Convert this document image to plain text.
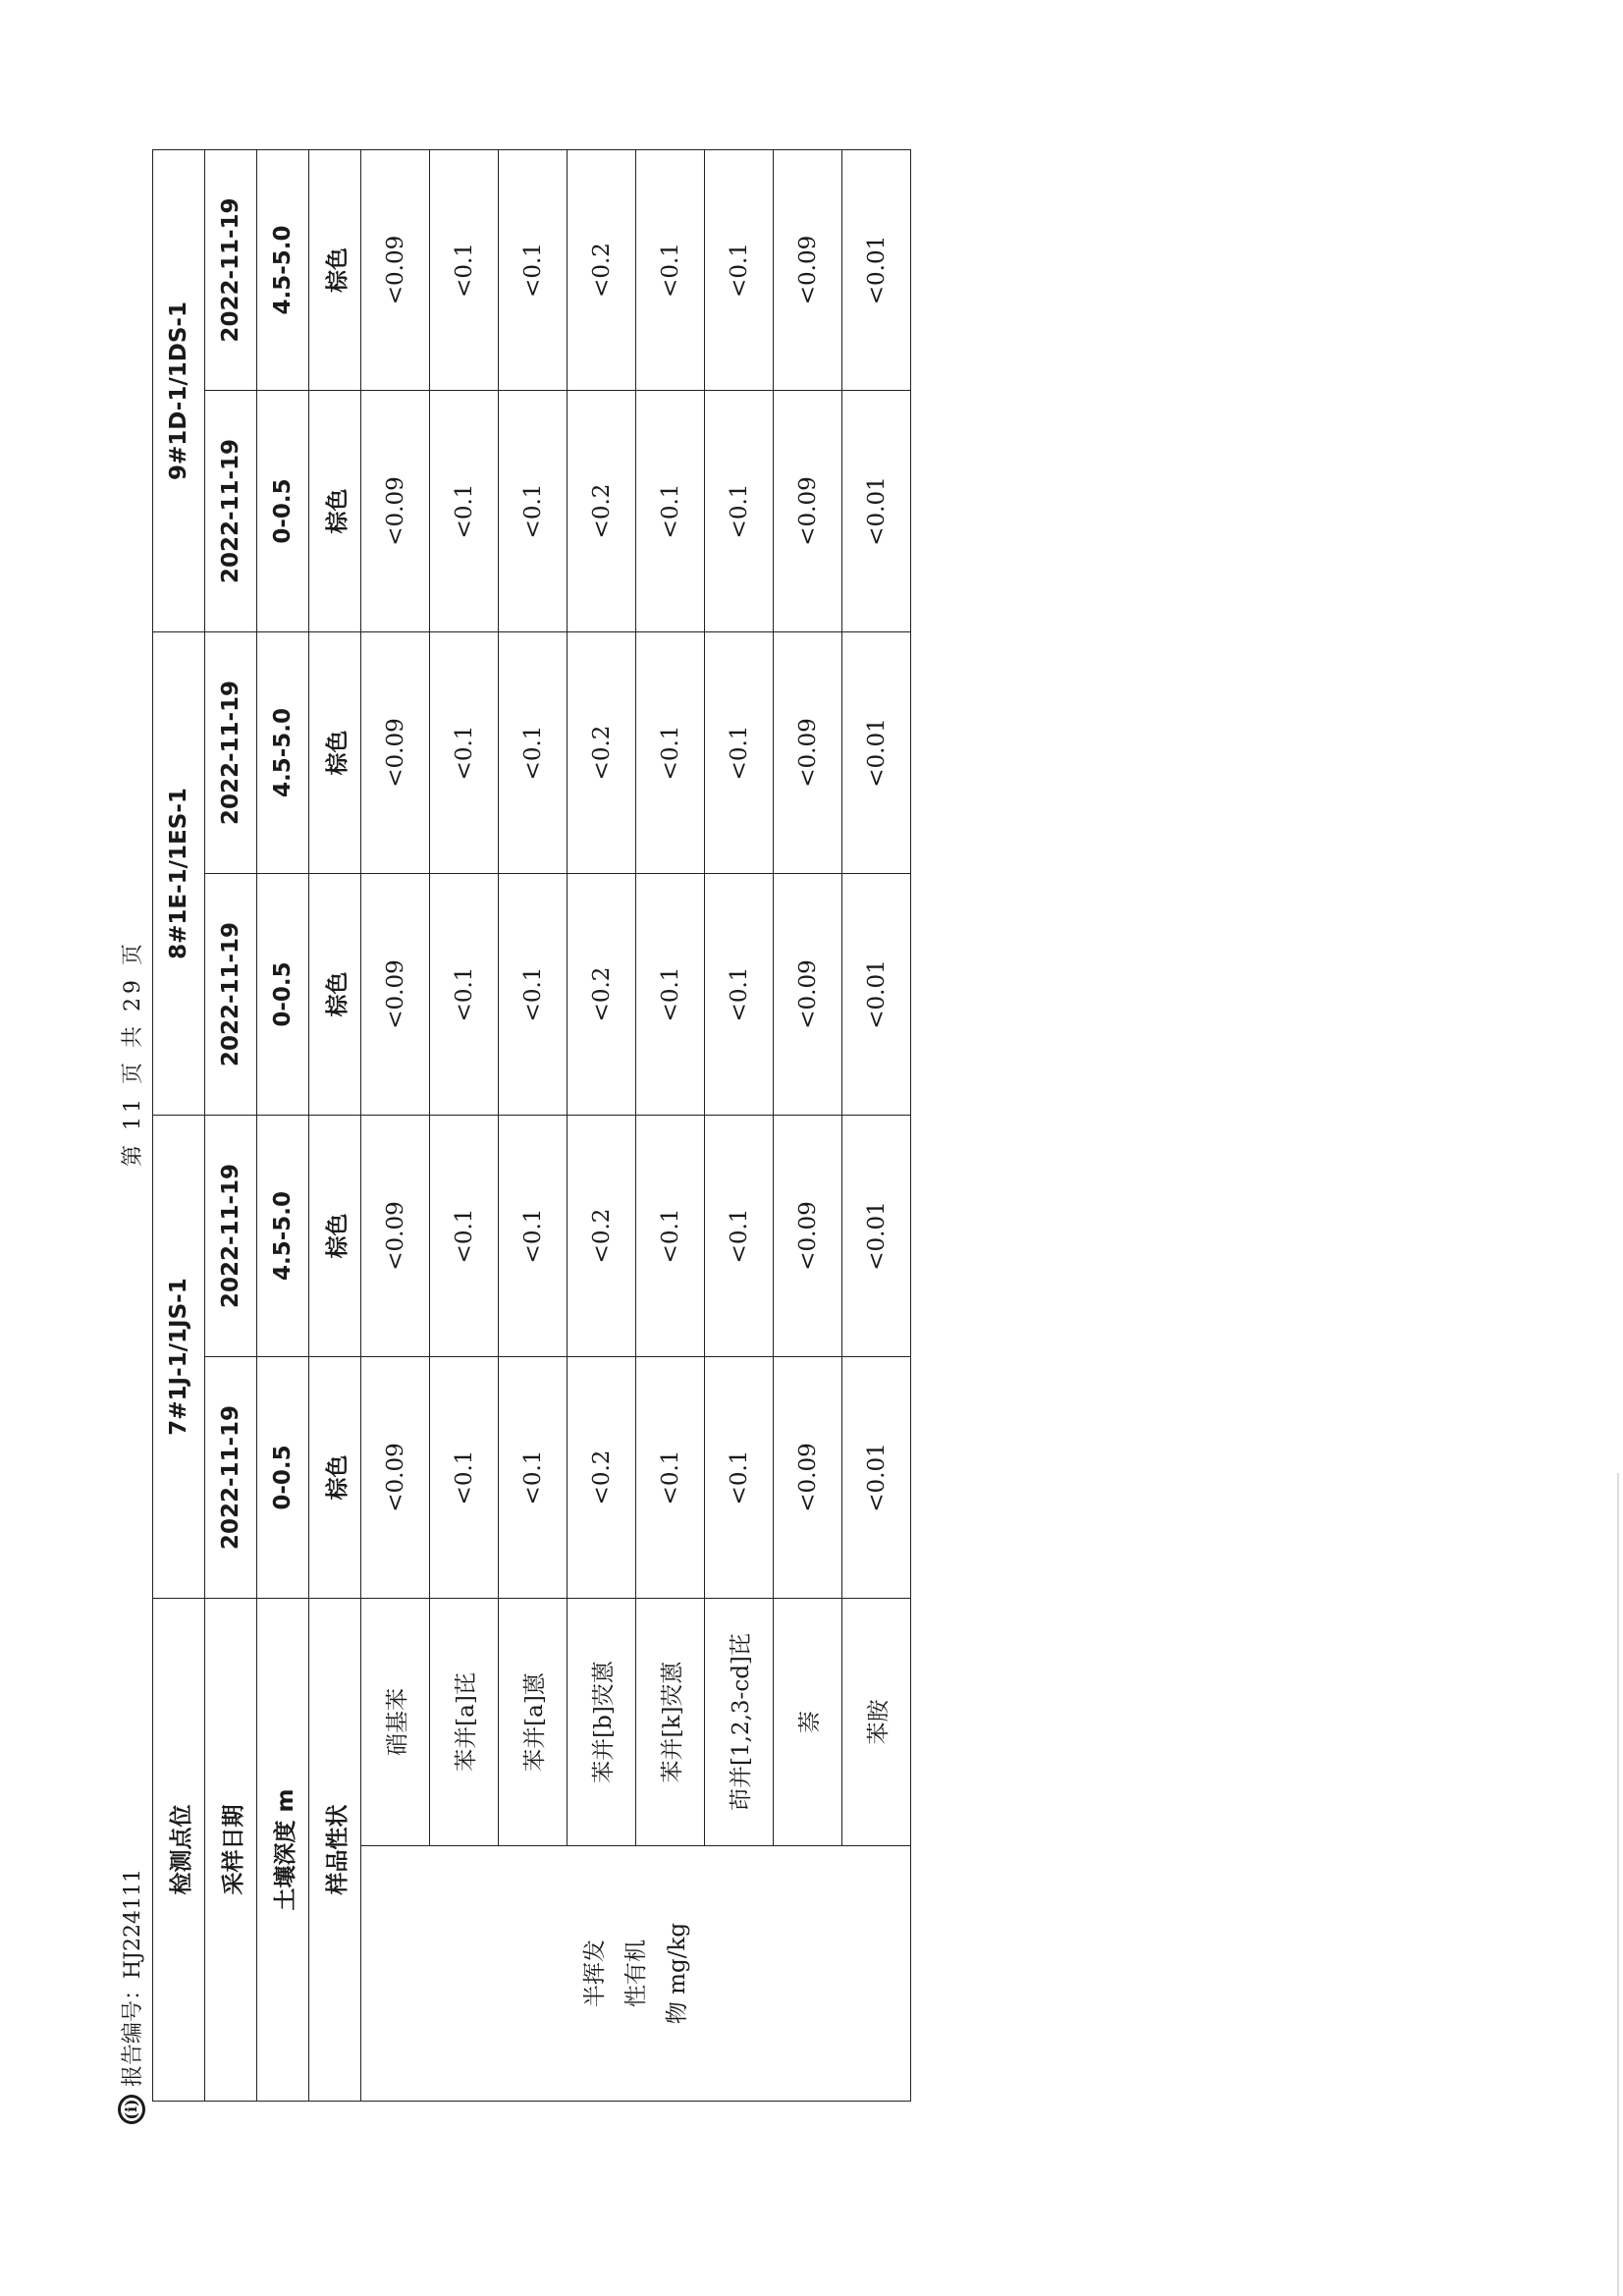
(i)
报告编号：HJ224111
第 11 页 共 29 页
检测点位		7#1J-1/1JS-1		8#1E-1/1ES-1		9#1D-1/1DS-1	
采样日期		2022-11-19	2022-11-19	2022-11-19	2022-11-19	2022-11-19	2022-11-19
土壤深度 m		0-0.5	4.5-5.0	0-0.5	4.5-5.0	0-0.5	4.5-5.0
样品性状		棕色	棕色	棕色	棕色	棕色	棕色

半挥发 性有机 物 mg/kg	硝基苯	<0.09	<0.09	<0.09	<0.09	<0.09	<0.09
	苯并[a]芘	<0.1	<0.1	<0.1	<0.1	<0.1	<0.1
	苯并[a]蒽	<0.1	<0.1	<0.1	<0.1	<0.1	<0.1
	苯并[b]荧蒽	<0.2	<0.2	<0.2	<0.2	<0.2	<0.2
	苯并[k]荧蒽	<0.1	<0.1	<0.1	<0.1	<0.1	<0.1
	茚并[1,2,3-cd]芘	<0.1	<0.1	<0.1	<0.1	<0.1	<0.1
	萘	<0.09	<0.09	<0.09	<0.09	<0.09	<0.09
	苯胺	<0.01	<0.01	<0.01	<0.01	<0.01	<0.01
